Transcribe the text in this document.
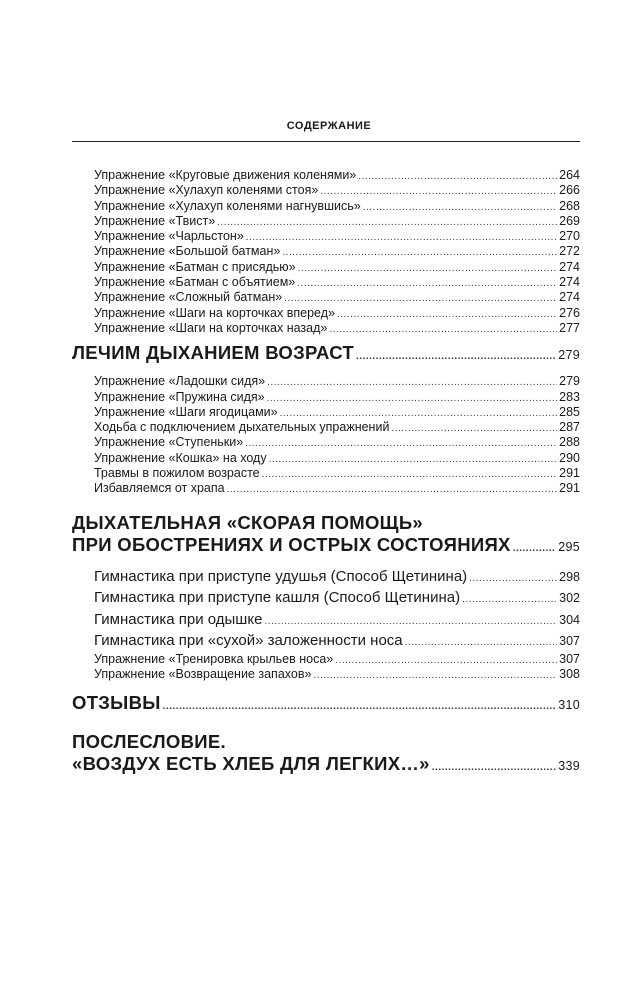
СОДЕРЖАНИЕ
Упражнение «Круговые движения коленями» .....	264
Упражнение «Хулахуп коленями стоя» .....	266
Упражнение «Хулахуп коленями нагнувшись» .....	268
Упражнение «Твист» .....	269
Упражнение «Чарльстон» .....	270
Упражнение «Большой батман» .....	272
Упражнение «Батман с присядью» .....	274
Упражнение «Батман с объятием» .....	274
Упражнение «Сложный батман» .....	274
Упражнение «Шаги на корточках вперед» .....	276
Упражнение «Шаги на корточках назад» .....	277
ЛЕЧИМ ДЫХАНИЕМ ВОЗРАСТ .....	279
Упражнение «Ладошки сидя» .....	279
Упражнение «Пружина сидя» .....	283
Упражнение «Шаги ягодицами» .....	285
Ходьба с подключением дыхательных упражнений .....	287
Упражнение «Ступеньки» .....	288
Упражнение «Кошка» на ходу .....	290
Травмы в пожилом возрасте .....	291
Избавляемся от храпа .....	291
ДЫХАТЕЛЬНАЯ «СКОРАЯ ПОМОЩЬ»
ПРИ ОБОСТРЕНИЯХ И ОСТРЫХ СОСТОЯНИЯХ .....	295
Гимнастика при приступе удушья (Способ Щетинина) .....	298
Гимнастика при приступе кашля (Способ Щетинина) .....	302
Гимнастика при одышке .....	304
Гимнастика при «сухой» заложенности носа .....	307
Упражнение «Тренировка крыльев носа» .....	307
Упражнение «Возвращение запахов» .....	308
ОТЗЫВЫ .....	310
ПОСЛЕСЛОВИЕ.
«ВОЗДУХ ЕСТЬ ХЛЕБ ДЛЯ ЛЕГКИХ…» .....	339
